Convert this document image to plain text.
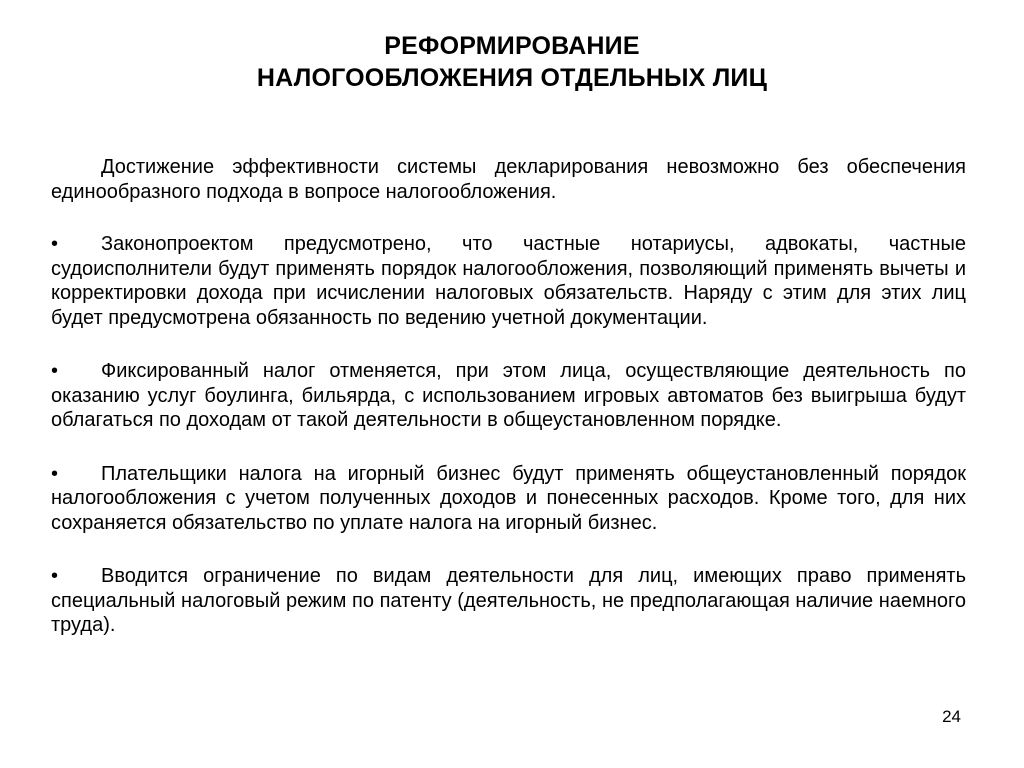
РЕФОРМИРОВАНИЕ
НАЛОГООБЛОЖЕНИЯ ОТДЕЛЬНЫХ ЛИЦ

Достижение эффективности системы декларирования невозможно без обеспечения единообразного подхода в вопросе налогообложения.

• Законопроектом предусмотрено, что частные нотариусы, адвокаты, частные судоисполнители будут применять порядок налогообложения, позволяющий применять вычеты и корректировки дохода при исчислении налоговых обязательств. Наряду с этим для этих лиц будет предусмотрена обязанность по ведению учетной документации.

• Фиксированный налог отменяется, при этом лица, осуществляющие деятельность по оказанию услуг боулинга, бильярда, с использованием игровых автоматов без выигрыша будут облагаться по доходам от такой деятельности в общеустановленном порядке.

• Плательщики налога на игорный бизнес будут применять общеустановленный порядок налогообложения с учетом полученных доходов и понесенных расходов. Кроме того, для них сохраняется обязательство по уплате налога на игорный бизнес.

• Вводится ограничение по видам деятельности для лиц, имеющих право применять специальный налоговый режим по патенту (деятельность, не предполагающая наличие наемного труда).

24
